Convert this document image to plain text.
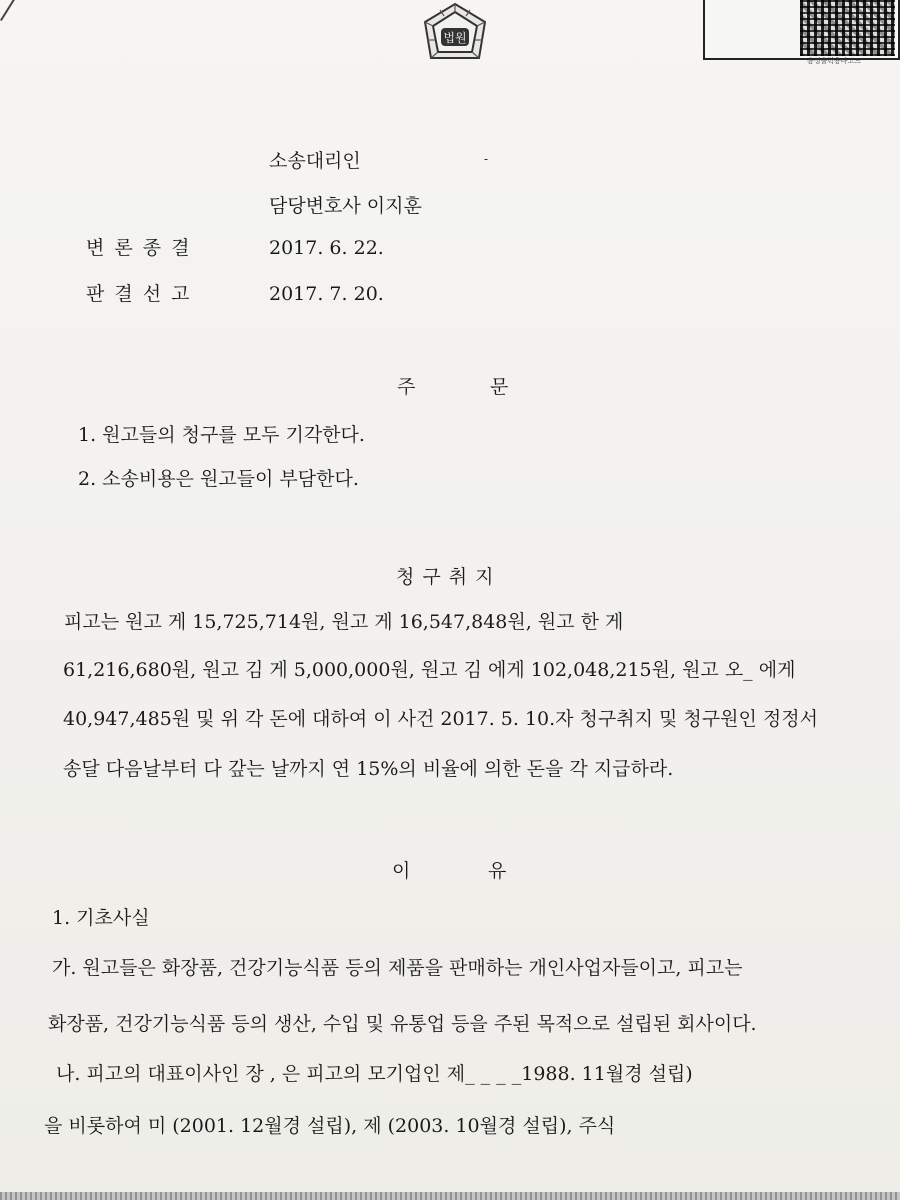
법원
음성출력용바코드
소송대리인	-
담당변호사 이지훈
변 론 종 결	2017. 6. 22.
판 결 선 고	2017. 7. 20.
주	문
1. 원고들의 청구를 모두 기각한다.
2. 소송비용은 원고들이 부담한다.
청 구 취 지
피고는 원고 게 15,725,714원, 원고 게 16,547,848원, 원고 한 게
61,216,680원, 원고 김 게 5,000,000원, 원고 김 에게 102,048,215원, 원고 오_ 에게
40,947,485원 및 위 각 돈에 대하여 이 사건 2017. 5. 10.자 청구취지 및 청구원인 정정서
송달 다음날부터 다 갚는 날까지 연 15%의 비율에 의한 돈을 각 지급하라.
이	유
1. 기초사실
가. 원고들은 화장품, 건강기능식품 등의 제품을 판매하는 개인사업자들이고, 피고는
화장품, 건강기능식품 등의 생산, 수입 및 유통업 등을 주된 목적으로 설립된 회사이다.
나. 피고의 대표이사인 장 , 은 피고의 모기업인 제_ _ _ _1988. 11월경 설립)
을 비롯하여 미 (2001. 12월경 설립), 제 (2003. 10월경 설립), 주식
